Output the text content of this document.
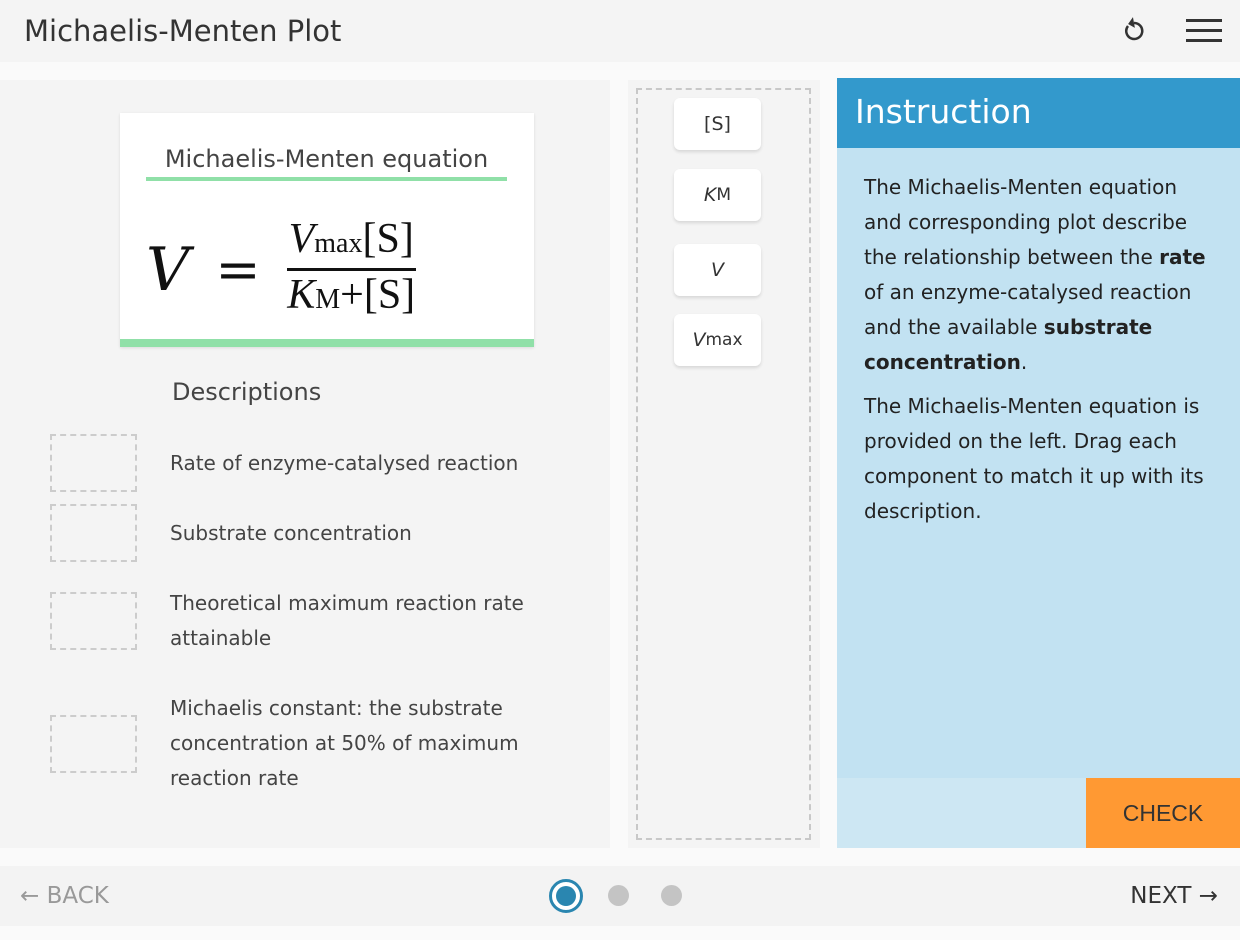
Michaelis-Menten Plot
Michaelis-Menten equation
$V = \frac{Vmax[S]}{KM+[S]}$
Descriptions
Rate of enzyme-catalysed reaction
Substrate concentration
Theoretical maximum reaction rate attainable
Michaelis constant: the substrate concentration at 50% of maximum reaction rate
[S]
K M
V
V max
Instruction

The Michaelis-Menten equation and corresponding plot describe the relationship between the rate of an enzyme-catalysed reaction and the available substrate concentration.

The Michaelis-Menten equation is provided on the left. Drag each component to match it up with its description.

CHECK
← BACK	NEXT →
